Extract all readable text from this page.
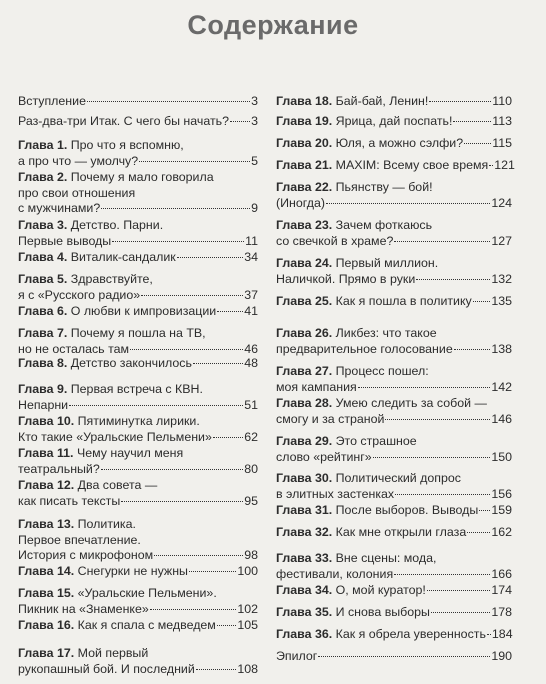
Содержание
Вступление	3
Раз-два-три Итак. С чего бы начать? 3
Глава 1. Про что я вспомню,
а про что — умолчу?	5
Глава 2. Почему я мало говорила
про свои отношения
с мужчинами?	9
Глава 3. Детство. Парни.
Первые выводы	11
Глава 4.
Виталик-сандалик	34
Глава 5. Здравствуйте,
я с «Русского радио»	37
Глава 6.
О любви к импровизации 41
Глава 7. Почему я пошла на ТВ,
но не осталась там	46
Глава 8.
Детство закончилось	48
Глава 9. Первая встреча с КВН.
Непарни	51
Глава 10. Пятиминутка лирики.
Кто такие «Уральские Пельмени»	62
Глава 11. Чему научил меня
театральный?	80
Глава 12. Два совета —
как писать тексты	95
Глава 13. Политика.
Первое впечатление.
История с микрофоном	98
Глава 14.
Снегурки не нужны	100
Глава 15. «Уральские Пельмени».
Пикник на «Знаменке»	102
Глава 16.
Как я спала с медведем 105
Глава 17. Мой первый
рукопашный бой. И последний	108
Глава 18.
Бай-бай, Ленин!	110
Глава 19.
Ярица, дай поспать!	113
Глава 20.
Юля, а можно сэлфи? 115
Глава 21.
MAXIM: Всему свое время 121
Глава 22. Пьянству — бой!
(Иногда)	124
Глава 23. Зачем фоткаюсь
со свечкой в храме?	127
Глава 24. Первый миллион.
Наличкой. Прямо в руки	132
Глава 25.
Как я пошла в политику 135
Глава 26. Ликбез: что такое
предварительное голосование	138
Глава 27. Процесс пошел:
моя кампания	142
Глава 28. Умею следить за собой —
смогу и за страной	146
Глава 29. Это страшное
слово «рейтинг»	150
Глава 30. Политический допрос
в элитных застенках	156
Глава 31.
После выборов. Выводы 159
Глава 32.
Как мне открыли глаза 162
Глава 33. Вне сцены: мода,
фестивали, колония	166
Глава 34.
О, мой куратор!	174
Глава 35.
И снова выборы	178
Глава 36.
Как я обрела уверенность 184
Эпилог	190
